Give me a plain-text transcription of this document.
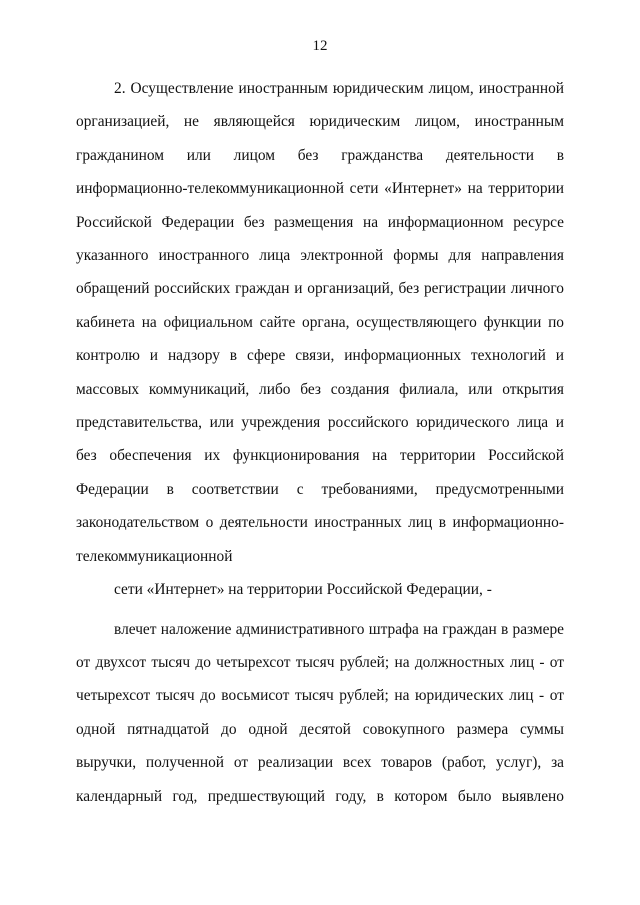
12

2. Осуществление иностранным юридическим лицом, иностранной организацией, не являющейся юридическим лицом, иностранным гражданином или лицом без гражданства деятельности в информационно-телекоммуникационной сети «Интернет» на территории Российской Федерации без размещения на информационном ресурсе указанного иностранного лица электронной формы для направления обращений российских граждан и организаций, без регистрации личного кабинета на официальном сайте органа, осуществляющего функции по контролю и надзору в сфере связи, информационных технологий и массовых коммуникаций, либо без создания филиала, или открытия представительства, или учреждения российского юридического лица и без обеспечения их функционирования на территории Российской Федерации в соответствии с требованиями, предусмотренными законодательством о деятельности иностранных лиц в информационно-телекоммуникационной
сети «Интернет» на территории Российской Федерации, -

влечет наложение административного штрафа на граждан в размере от двухсот тысяч до четырехсот тысяч рублей; на должностных лиц - от четырехсот тысяч до восьмисот тысяч рублей; на юридических лиц - от одной пятнадцатой до одной десятой совокупного размера суммы выручки, полученной от реализации всех товаров (работ, услуг), за календарный год, предшествующий году, в котором было выявлено
